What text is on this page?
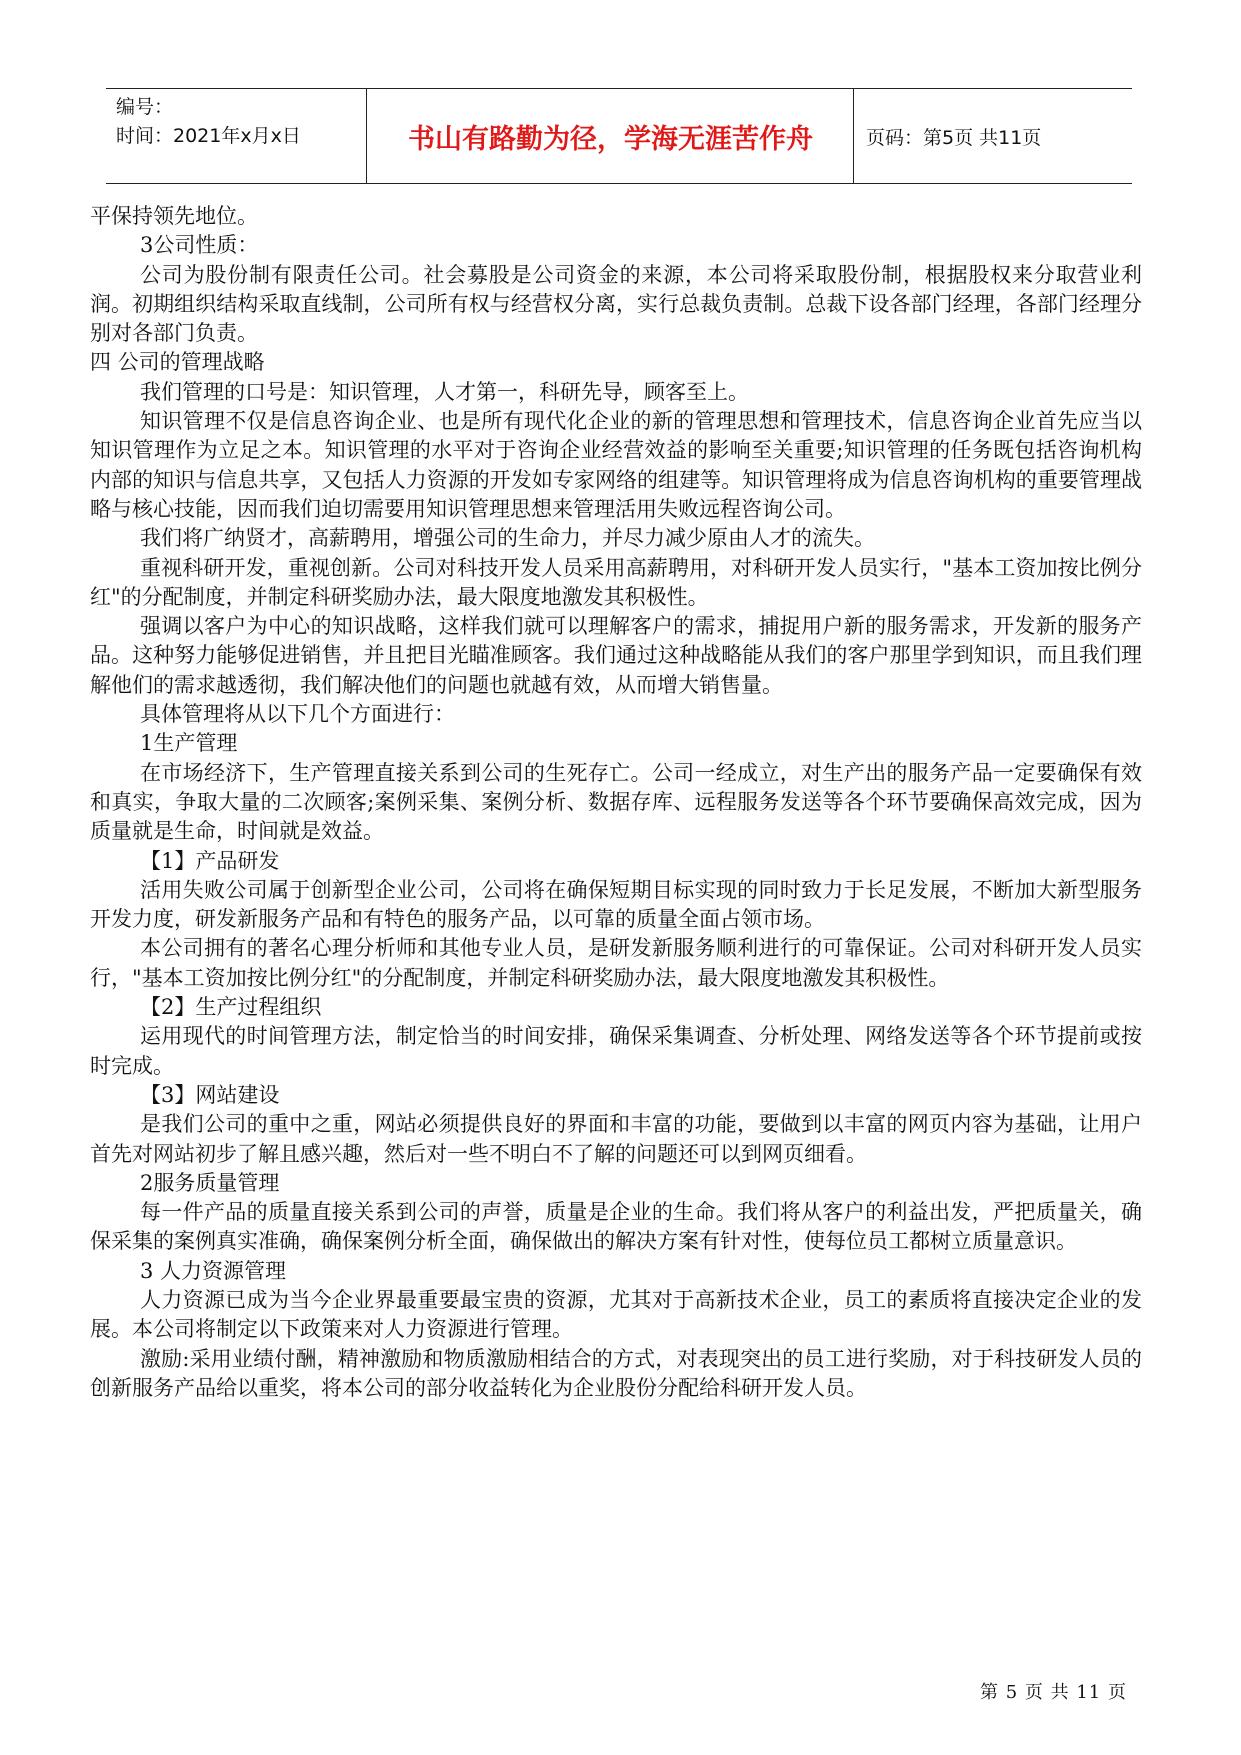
编号：
时间：2021年x月x日	书山有路勤为径，学海无涯苦作舟	页码：第5页 共11页

平保持领先地位。

3公司性质：

公司为股份制有限责任公司。社会募股是公司资金的来源，本公司将采取股份制，根据股权来分取营业利润。初期组织结构采取直线制，公司所有权与经营权分离，实行总裁负责制。总裁下设各部门经理，各部门经理分别对各部门负责。

四 公司的管理战略

我们管理的口号是：知识管理，人才第一，科研先导，顾客至上。

知识管理不仅是信息咨询企业、也是所有现代化企业的新的管理思想和管理技术，信息咨询企业首先应当以知识管理作为立足之本。知识管理的水平对于咨询企业经营效益的影响至关重要;知识管理的任务既包括咨询机构内部的知识与信息共享，又包括人力资源的开发如专家网络的组建等。知识管理将成为信息咨询机构的重要管理战略与核心技能，因而我们迫切需要用知识管理思想来管理活用失败远程咨询公司。

我们将广纳贤才，高薪聘用，增强公司的生命力，并尽力减少原由人才的流失。

重视科研开发，重视创新。公司对科技开发人员采用高薪聘用，对科研开发人员实行，"基本工资加按比例分红"的分配制度，并制定科研奖励办法，最大限度地激发其积极性。

强调以客户为中心的知识战略，这样我们就可以理解客户的需求，捕捉用户新的服务需求，开发新的服务产品。这种努力能够促进销售，并且把目光瞄准顾客。我们通过这种战略能从我们的客户那里学到知识，而且我们理解他们的需求越透彻，我们解决他们的问题也就越有效，从而增大销售量。

具体管理将从以下几个方面进行：

1生产管理

在市场经济下，生产管理直接关系到公司的生死存亡。公司一经成立，对生产出的服务产品一定要确保有效和真实，争取大量的二次顾客;案例采集、案例分析、数据存库、远程服务发送等各个环节要确保高效完成，因为质量就是生命，时间就是效益。

【1】产品研发

活用失败公司属于创新型企业公司，公司将在确保短期目标实现的同时致力于长足发展，不断加大新型服务开发力度，研发新服务产品和有特色的服务产品，以可靠的质量全面占领市场。

本公司拥有的著名心理分析师和其他专业人员，是研发新服务顺利进行的可靠保证。公司对科研开发人员实行，"基本工资加按比例分红"的分配制度，并制定科研奖励办法，最大限度地激发其积极性。

【2】生产过程组织

运用现代的时间管理方法，制定恰当的时间安排，确保采集调查、分析处理、网络发送等各个环节提前或按时完成。

【3】网站建设

是我们公司的重中之重，网站必须提供良好的界面和丰富的功能，要做到以丰富的网页内容为基础，让用户首先对网站初步了解且感兴趣，然后对一些不明白不了解的问题还可以到网页细看。

2服务质量管理

每一件产品的质量直接关系到公司的声誉，质量是企业的生命。我们将从客户的利益出发，严把质量关，确保采集的案例真实准确，确保案例分析全面，确保做出的解决方案有针对性，使每位员工都树立质量意识。

3 人力资源管理

人力资源已成为当今企业界最重要最宝贵的资源，尤其对于高新技术企业，员工的素质将直接决定企业的发展。本公司将制定以下政策来对人力资源进行管理。

激励:采用业绩付酬，精神激励和物质激励相结合的方式，对表现突出的员工进行奖励，对于科技研发人员的创新服务产品给以重奖，将本公司的部分收益转化为企业股份分配给科研开发人员。

第 5 页 共 11 页
